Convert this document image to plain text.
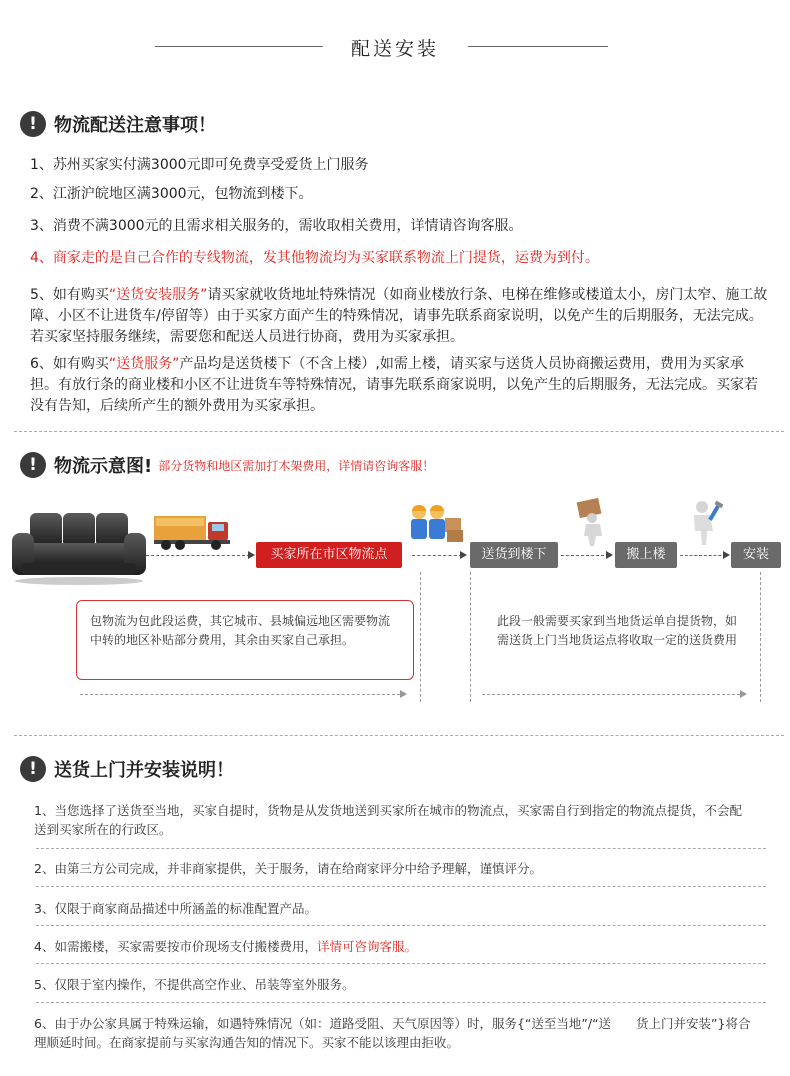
配送安装
! 物流配送注意事项！
1、苏州买家实付满3000元即可免费享受爱货上门服务
2、江浙沪皖地区满3000元，包物流到楼下。
3、消费不满3000元的且需求相关服务的，需收取相关费用，详情请咨询客服。
4、商家走的是自己合作的专线物流，发其他物流均为买家联系物流上门提货，运费为到付。
5、如有购买“送货安装服务”请买家就收货地址特殊情况（如商业楼放行条、电梯在维修或楼道太小，房门太窄、施工故障、小区不让进货车/停留等）由于买家方面产生的特殊情况，请事先联系商家说明，以免产生的后期服务，无法完成。若买家坚持服务继续，需要您和配送人员进行协商，费用为买家承担。
6、如有购买“送货服务”产品均是送货楼下（不含上楼）,如需上楼，请买家与送货人员协商搬运费用，费用为买家承担。有放行条的商业楼和小区不让进货车等特殊情况，请事先联系商家说明，以免产生的后期服务，无法完成。买家若没有告知，后续所产生的额外费用为买家承担。
! 物流示意图! 部分货物和地区需加打木架费用，详情请咨询客服！
买家所在市区物流点	送货到楼下	搬上楼	安装
包物流为包此段运费，其它城市、县城偏远地区需要物流中转的地区补贴部分费用，其余由买家自己承担。
此段一般需要买家到当地货运单自提货物，如需送货上门当地货运点将收取一定的送货费用
! 送货上门并安装说明！
1、当您选择了送货至当地，买家自提时，货物是从发货地送到买家所在城市的物流点，买家需自行到指定的物流点提货，不会配送到买家所在的行政区。
2、由第三方公司完成，并非商家提供，关于服务，请在给商家评分中给予理解，谨慎评分。
3、仅限于商家商品描述中所涵盖的标准配置产品。
4、如需搬楼，买家需要按市价现场支付搬楼费用，详情可咨询客服。
5、仅限于室内操作，不提供高空作业、吊装等室外服务。
6、由于办公家具属于特殊运输，如遇特殊情况（如：道路受阻、天气原因等）时，服务{“送至当地”/“送　　货上门并安装”}将合理顺延时间。在商家提前与买家沟通告知的情况下。买家不能以该理由拒收。
